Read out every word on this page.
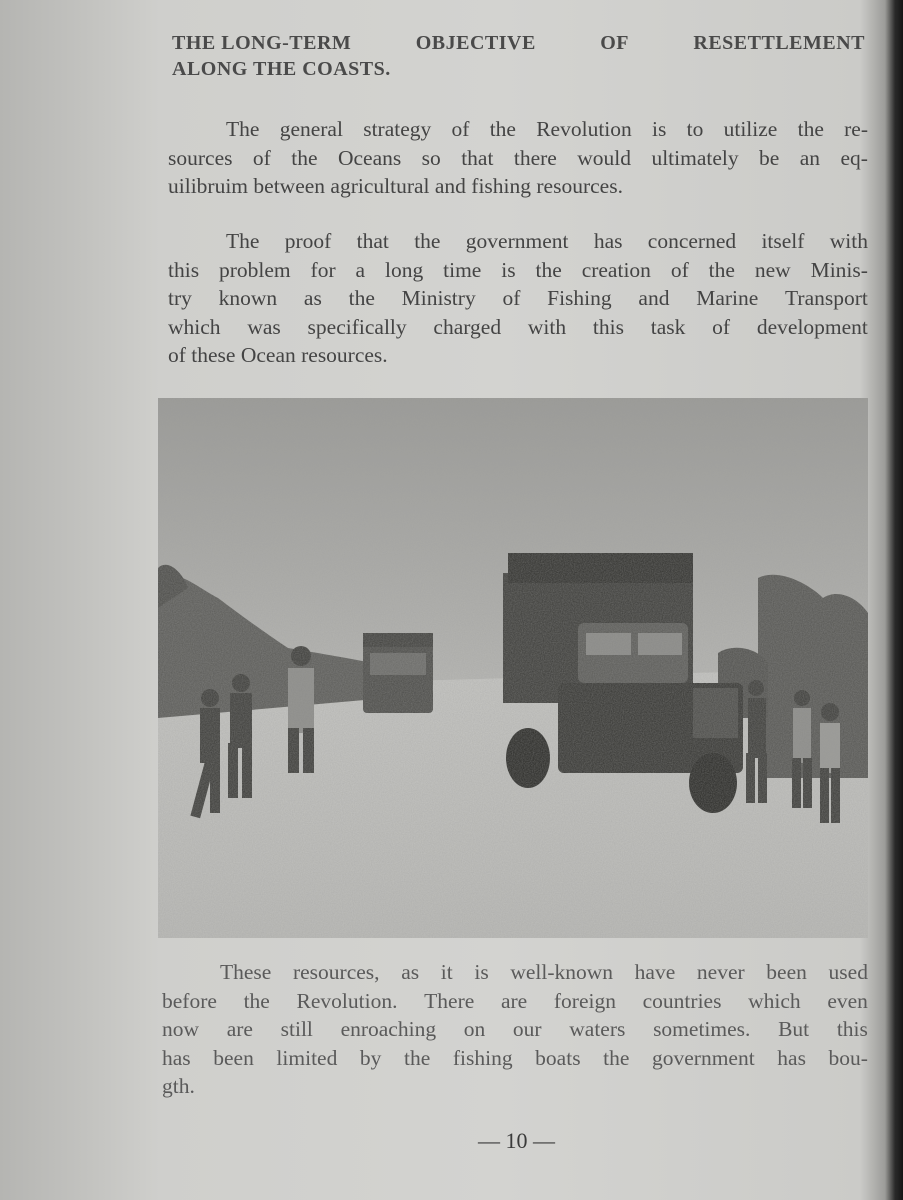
THE LONG-TERM	OBJECTIVE	OF	RESETTLEMENT
ALONG THE COASTS.
The general strategy of the Revolution is to utilize the re-
sources of the Oceans so that there would ultimately be an eq-
uilibruim between agricultural and fishing resources.
The proof that the government has concerned itself with
this problem for a long time is the creation of the new Minis-
try known as the Ministry of Fishing and Marine Transport
which was specifically charged with this task of development
of these Ocean resources.
These resources, as it is well-known have never been used
before the Revolution. There are foreign countries which even
now are still enroaching on our waters sometimes. But this
has been limited by the fishing boats the government has bou-
gth.
— 10 —
